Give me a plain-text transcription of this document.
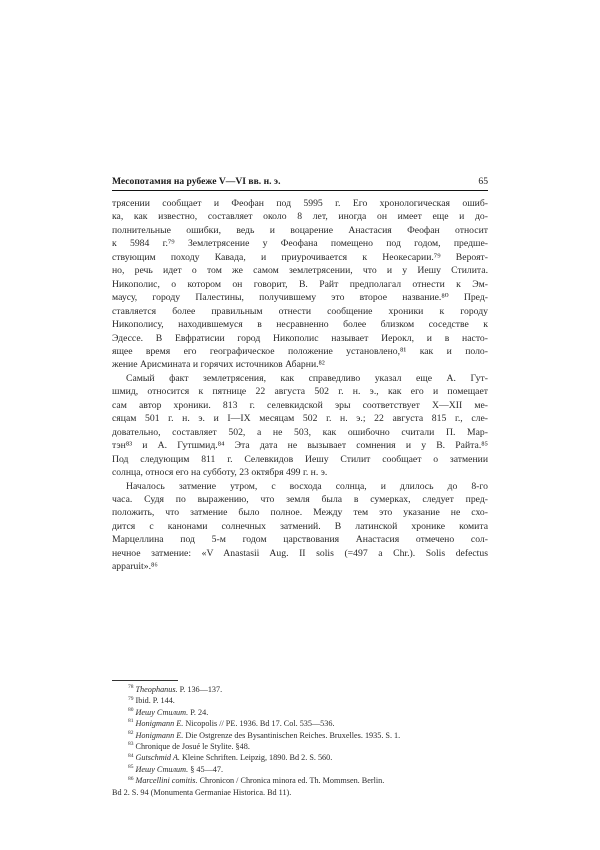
Месопотамия на рубеже V—VI вв. н. э.	65

трясении сообщает и Феофан под 5995 г. Его хронологическая ошиб-
ка, как известно, составляет около 8 лет, иногда он имеет еще и до-
полнительные ошибки, ведь и воцарение Анастасия Феофан относит
к 5984 г.⁷⁹ Землетрясение у Феофана помещено под годом, предше-
ствующим походу Кавада, и приурочивается к Неокесарии.⁷⁹ Вероят-
но, речь идет о том же самом землетрясении, что и у Иешу Стилита.
Никополис, о котором он говорит, В. Райт предполагал отнести к Эм-
маусу, городу Палестины, получившему это второе название.⁸⁰ Пред-
ставляется более правильным отнести сообщение хроники к городу
Никополису, находившемуся в несравненно более близком соседстве к
Эдессе. В Евфратисии город Никополис называет Иерокл, и в насто-
ящее время его географическое положение установлено,⁸¹ как и поло-
жение Арисмината и горячих источников Абарни.⁸²

Самый факт землетрясения, как справедливо указал еще А. Гут-
шмид, относится к пятнице 22 августа 502 г. н. э., как его и помещает
сам автор хроники. 813 г. селевкидской эры соответствует X—XII ме-
сяцам 501 г. н. э. и I—IX месяцам 502 г. н. э.; 22 августа 815 г., сле-
довательно, составляет 502, а не 503, как ошибочно считали П. Мар-
тэн⁸³ и А. Гутшмид.⁸⁴ Эта дата не вызывает сомнения и у В. Райта.⁸⁵
Под следующим 811 г. Селевкидов Иешу Стилит сообщает о затмении
солнца, относя его на субботу, 23 октября 499 г. н. э.

Началось затмение утром, с восхода солнца, и длилось до 8-го
часа. Судя по выражению, что земля была в сумерках, следует пред-
положить, что затмение было полное. Между тем это указание не схо-
дится с канонами солнечных затмений. В латинской хронике комита
Марцеллина под 5-м годом царствования Анастасия отмечено сол-
нечное затмение: «V Anastasii Aug. II solis (=497 a Chr.). Solis defectus
apparuit».⁸⁶

$^{78}$ Theophanus. P. 136—137.
$^{79}$ Ibid. P. 144.
$^{80}$ Иешу Стилит. P. 24.
$^{81}$ Honigmann E. Nicopolis // PE. 1936. Bd 17. Col. 535—536.
$^{82}$ Honigmann E. Die Ostgrenze des Bysantinischen Reiches. Bruxelles. 1935. S. 1.
$^{83}$ Chronique de Josué le Stylite. §48.
$^{84}$ Gutschmid A. Kleine Schriften. Leipzig, 1890. Bd 2. S. 560.
$^{85}$ Иешу Стилит. § 45—47.
$^{86}$ Marcellini comitis. Chronicon / Chronica minora ed. Th. Mommsen. Berlin.
Bd 2. S. 94 (Monumenta Germaniae Historica. Bd 11).
